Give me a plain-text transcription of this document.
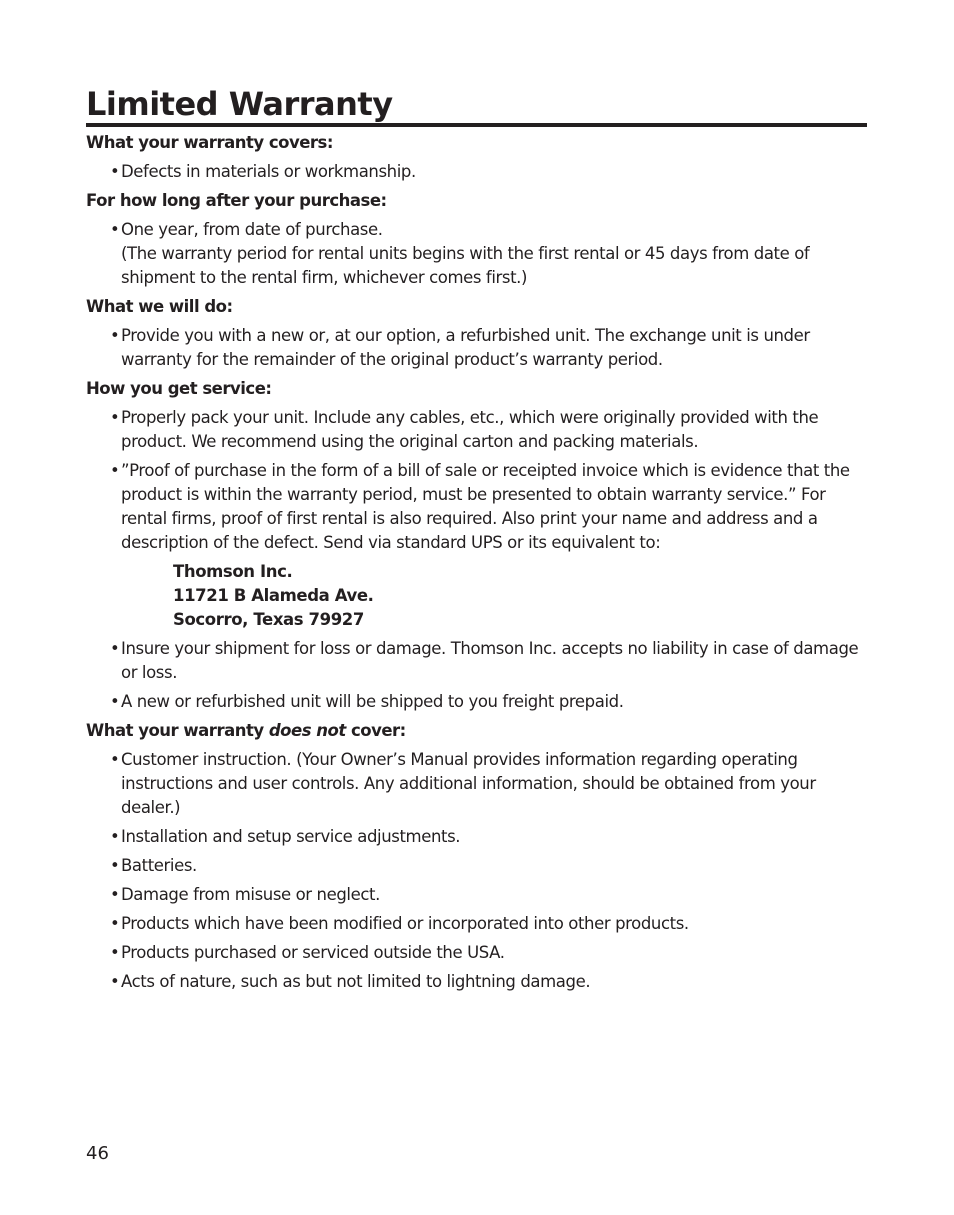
Limited Warranty
What your warranty covers:
• Defects in materials or workmanship.
For how long after your purchase:
• One year, from date of purchase.
(The warranty period for rental units begins with the first rental or 45 days from date of shipment to the rental firm, whichever comes first.)
What we will do:
• Provide you with a new or, at our option, a refurbished unit. The exchange unit is under warranty for the remainder of the original product’s warranty period.
How you get service:
• Properly pack your unit. Include any cables, etc., which were originally provided with the product. We recommend using the original carton and packing materials.
• ”Proof of purchase in the form of a bill of sale or receipted invoice which is evidence that the product is within the warranty period, must be presented to obtain warranty service.” For rental firms, proof of first rental is also required. Also print your name and address and a description of the defect. Send via standard UPS or its equivalent to:
Thomson Inc.
11721 B Alameda Ave.
Socorro, Texas 79927
• Insure your shipment for loss or damage. Thomson Inc. accepts no liability in case of damage or loss.
• A new or refurbished unit will be shipped to you freight prepaid.
What your warranty does not cover:
• Customer instruction. (Your Owner’s Manual provides information regarding operating instructions and user controls. Any additional information, should be obtained from your dealer.)
• Installation and setup service adjustments.
• Batteries.
• Damage from misuse or neglect.
• Products which have been modified or incorporated into other products.
• Products purchased or serviced outside the USA.
• Acts of nature, such as but not limited to lightning damage.
46
